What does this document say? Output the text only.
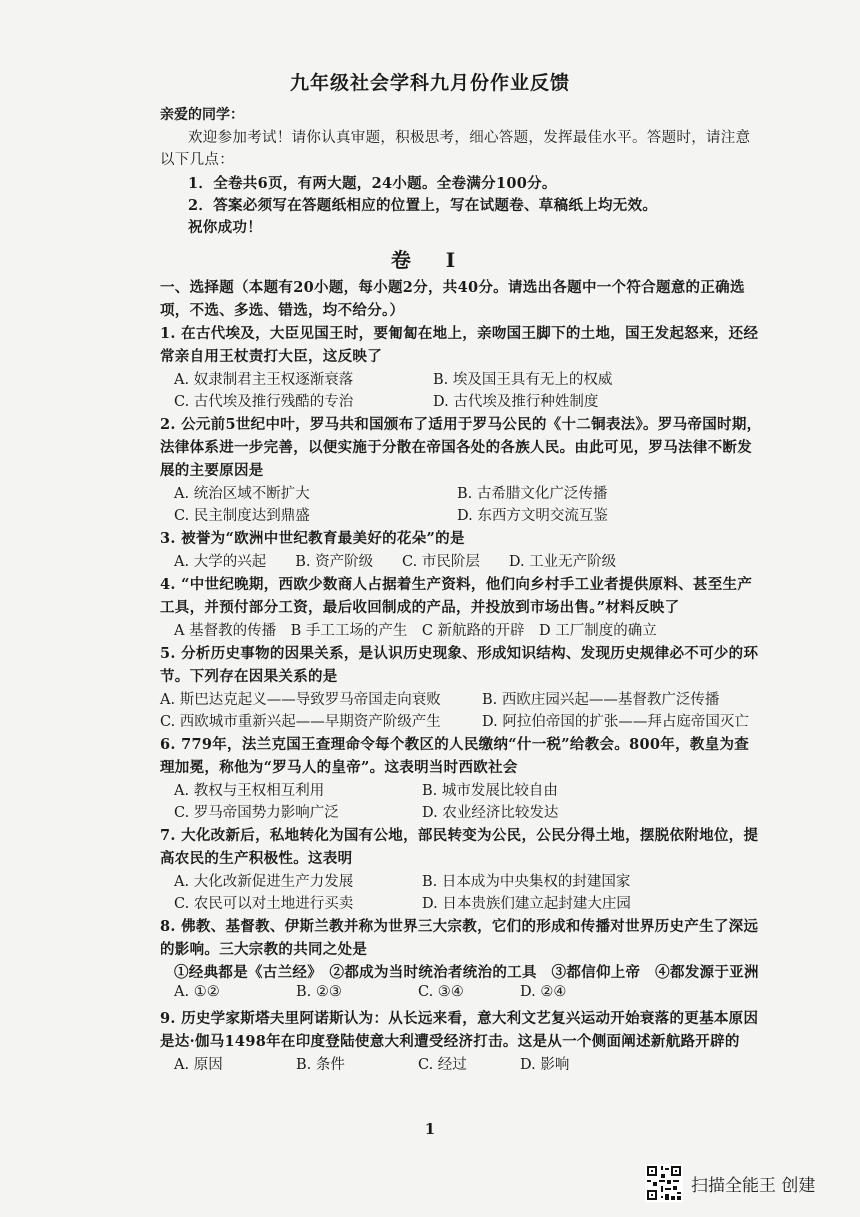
九年级社会学科九月份作业反馈
亲爱的同学：
欢迎参加考试！请你认真审题，积极思考，细心答题，发挥最佳水平。答题时，请注意
以下几点：
1．全卷共6页，有两大题，24小题。全卷满分100分。
2．答案必须写在答题纸相应的位置上，写在试题卷、草稿纸上均无效。
祝你成功！
卷 I
一、选择题（本题有20小题，每小题2分，共40分。请选出各题中一个符合题意的正确选
项，不选、多选、错选，均不给分。）
1. 在古代埃及，大臣见国王时，要匍匐在地上，亲吻国王脚下的土地，国王发起怒来，还经
常亲自用王杖责打大臣，这反映了
A. 奴隶制君主王权逐渐衰落	B. 埃及国王具有无上的权威
C. 古代埃及推行残酷的专治	D. 古代埃及推行种姓制度
2. 公元前5世纪中叶，罗马共和国颁布了适用于罗马公民的《十二铜表法》。罗马帝国时期，
法律体系进一步完善，以便实施于分散在帝国各处的各族人民。由此可见，罗马法律不断发
展的主要原因是
A. 统治区域不断扩大	B. 古希腊文化广泛传播
C. 民主制度达到鼎盛	D. 东西方文明交流互鉴
3. 被誉为“欧洲中世纪教育最美好的花朵”的是
A. 大学的兴起　　B. 资产阶级　　C. 市民阶层　　D. 工业无产阶级
4. “中世纪晚期，西欧少数商人占据着生产资料，他们向乡村手工业者提供原料、甚至生产
工具，并预付部分工资，最后收回制成的产品，并投放到市场出售。”材料反映了
A 基督教的传播　B 手工工场的产生　C 新航路的开辟　D 工厂制度的确立
5. 分析历史事物的因果关系，是认识历史现象、形成知识结构、发现历史规律必不可少的环
节。下列存在因果关系的是
A. 斯巴达克起义——导致罗马帝国走向衰败	B. 西欧庄园兴起——基督教广泛传播
C. 西欧城市重新兴起——早期资产阶级产生	D. 阿拉伯帝国的扩张——拜占庭帝国灭亡
6. 779年，法兰克国王查理命令每个教区的人民缴纳“什一税”给教会。800年，教皇为查
理加冕，称他为“罗马人的皇帝”。这表明当时西欧社会
A. 教权与王权相互利用	B. 城市发展比较自由
C. 罗马帝国势力影响广泛	D. 农业经济比较发达
7. 大化改新后，私地转化为国有公地，部民转变为公民，公民分得土地，摆脱依附地位，提
高农民的生产积极性。这表明
A. 大化改新促进生产力发展	B. 日本成为中央集权的封建国家
C. 农民可以对土地进行买卖	D. 日本贵族们建立起封建大庄园
8. 佛教、基督教、伊斯兰教并称为世界三大宗教，它们的形成和传播对世界历史产生了深远
的影响。三大宗教的共同之处是
①经典都是《古兰经》　②都成为当时统治者统治的工具　③都信仰上帝　④都发源于亚洲
A. ①②	B. ②③	C. ③④	D. ②④
9. 历史学家斯塔夫里阿诺斯认为：从长远来看，意大利文艺复兴运动开始衰落的更基本原因
是达·伽马1498年在印度登陆使意大利遭受经济打击。这是从一个侧面阐述新航路开辟的
A. 原因	B. 条件	C. 经过	D. 影响
1
扫描全能王 创建
